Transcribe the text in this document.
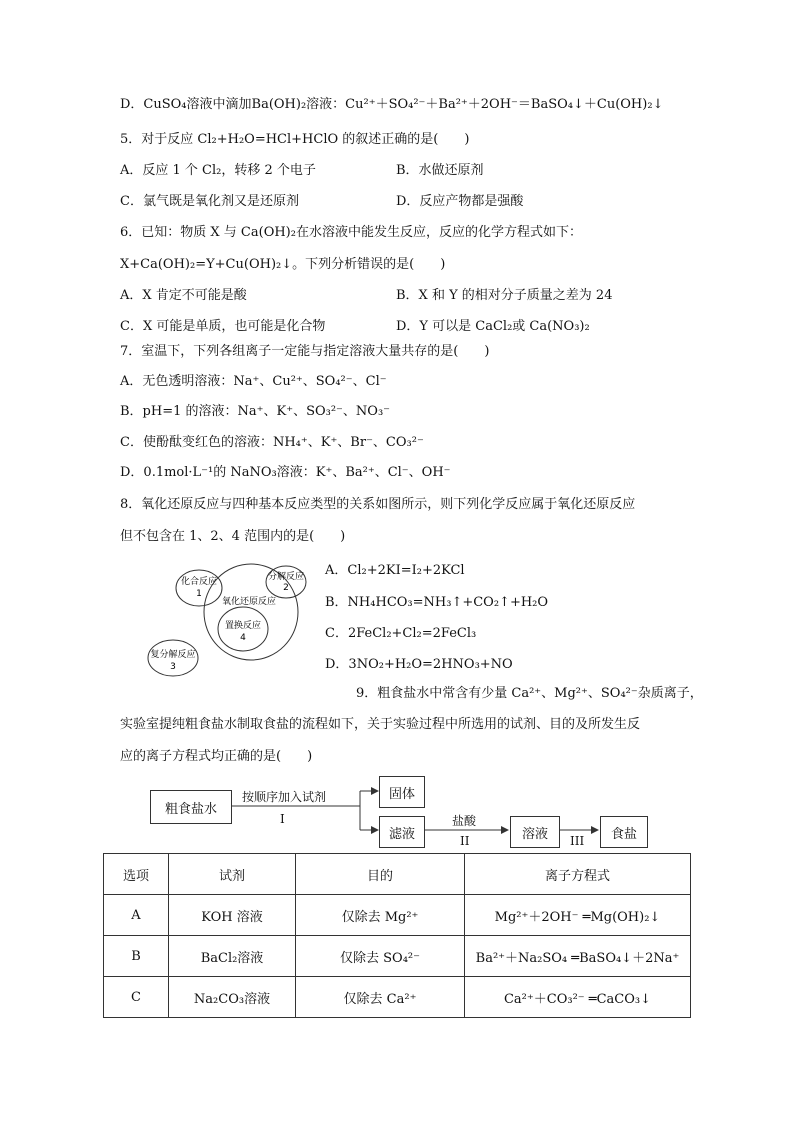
D．CuSO₄溶液中滴加Ba(OH)₂溶液：Cu²⁺＋SO₄²⁻＋Ba²⁺＋2OH⁻＝BaSO₄↓＋Cu(OH)₂↓
5．对于反应 Cl₂+H₂O=HCl+HClO 的叙述正确的是(　　)
A．反应 1 个 Cl₂，转移 2 个电子	B．水做还原剂
C．氯气既是氧化剂又是还原剂	D．反应产物都是强酸
6．已知：物质 X 与 Ca(OH)₂在水溶液中能发生反应，反应的化学方程式如下：
X+Ca(OH)₂=Y+Cu(OH)₂↓。下列分析错误的是(　　)
A．X 肯定不可能是酸	B．X 和 Y 的相对分子质量之差为 24
C．X 可能是单质，也可能是化合物	D．Y 可以是 CaCl₂或 Ca(NO₃)₂
7．室温下，下列各组离子一定能与指定溶液大量共存的是(　　)
A．无色透明溶液：Na⁺、Cu²⁺、SO₄²⁻、Cl⁻
B．pH=1 的溶液：Na⁺、K⁺、SO₃²⁻、NO₃⁻
C．使酚酞变红色的溶液：NH₄⁺、K⁺、Br⁻、CO₃²⁻
D．0.1mol·L⁻¹的 NaNO₃溶液：K⁺、Ba²⁺、Cl⁻、OH⁻
8．氧化还原反应与四种基本反应类型的关系如图所示，则下列化学反应属于氧化还原反应
但不包含在 1、2、4 范围内的是(　　)
化合反应
1
分解反应
2
氧化还原反应
置换反应
4
复分解反应
3
A．Cl₂+2KI=I₂+2KCl
B．NH₄HCO₃=NH₃↑+CO₂↑+H₂O
C．2FeCl₂+Cl₂=2FeCl₃
D．3NO₂+H₂O=2HNO₃+NO
9．粗食盐水中常含有少量 Ca²⁺、Mg²⁺、SO₄²⁻杂质离子，
实验室提纯粗食盐水制取食盐的流程如下，关于实验过程中所选用的试剂、目的及所发生反
应的离子方程式均正确的是(　　)
粗食盐水
按顺序加入试剂
I
固体
滤液
盐酸
II	溶液	III	食盐
选项	试剂	目的	离子方程式
A	KOH 溶液	仅除去 Mg²⁺	Mg²⁺＋2OH⁻ ═Mg(OH)₂↓
B	BaCl₂溶液	仅除去 SO₄²⁻	Ba²⁺＋Na₂SO₄ ═BaSO₄↓＋2Na⁺
C	Na₂CO₃溶液	仅除去 Ca²⁺	Ca²⁺＋CO₃²⁻ ═CaCO₃↓
